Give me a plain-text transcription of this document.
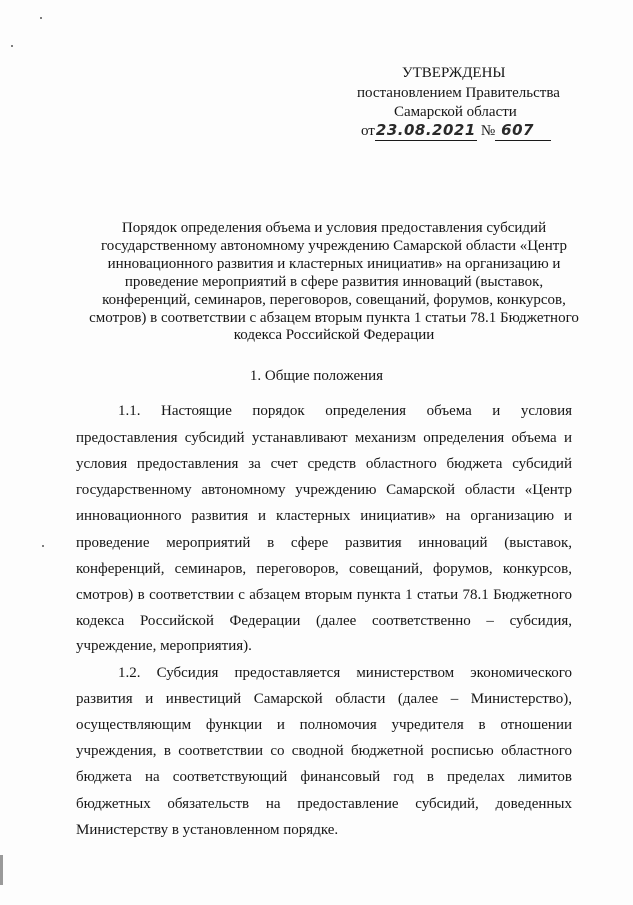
УТВЕРЖДЕНЫ
постановлением Правительства
Самарской области
от23.08.2021 № 607
Порядок определения объема и условия предоставления субсидий
государственному автономному учреждению Самарской области «Центр
инновационного развития и кластерных инициатив» на организацию и
проведение мероприятий в сфере развития инноваций (выставок,
конференций, семинаров, переговоров, совещаний, форумов, конкурсов,
смотров) в соответствии с абзацем вторым пункта 1 статьи 78.1 Бюджетного
кодекса Российской Федерации
1. Общие положения
1.1. Настоящие порядок определения объема и условия
предоставления субсидий устанавливают механизм определения объема и
условия предоставления за счет средств областного бюджета субсидий
государственному автономному учреждению Самарской области «Центр
инновационного развития и кластерных инициатив» на организацию и
проведение мероприятий в сфере развития инноваций (выставок,
конференций, семинаров, переговоров, совещаний, форумов, конкурсов,
смотров) в соответствии с абзацем вторым пункта 1 статьи 78.1 Бюджетного
кодекса Российской Федерации (далее соответственно – субсидия,
учреждение, мероприятия).
1.2. Субсидия предоставляется министерством экономического
развития и инвестиций Самарской области (далее – Министерство),
осуществляющим функции и полномочия учредителя в отношении
учреждения, в соответствии со сводной бюджетной росписью областного
бюджета на соответствующий финансовый год в пределах лимитов
бюджетных обязательств на предоставление субсидий, доведенных
Министерству в установленном порядке.
